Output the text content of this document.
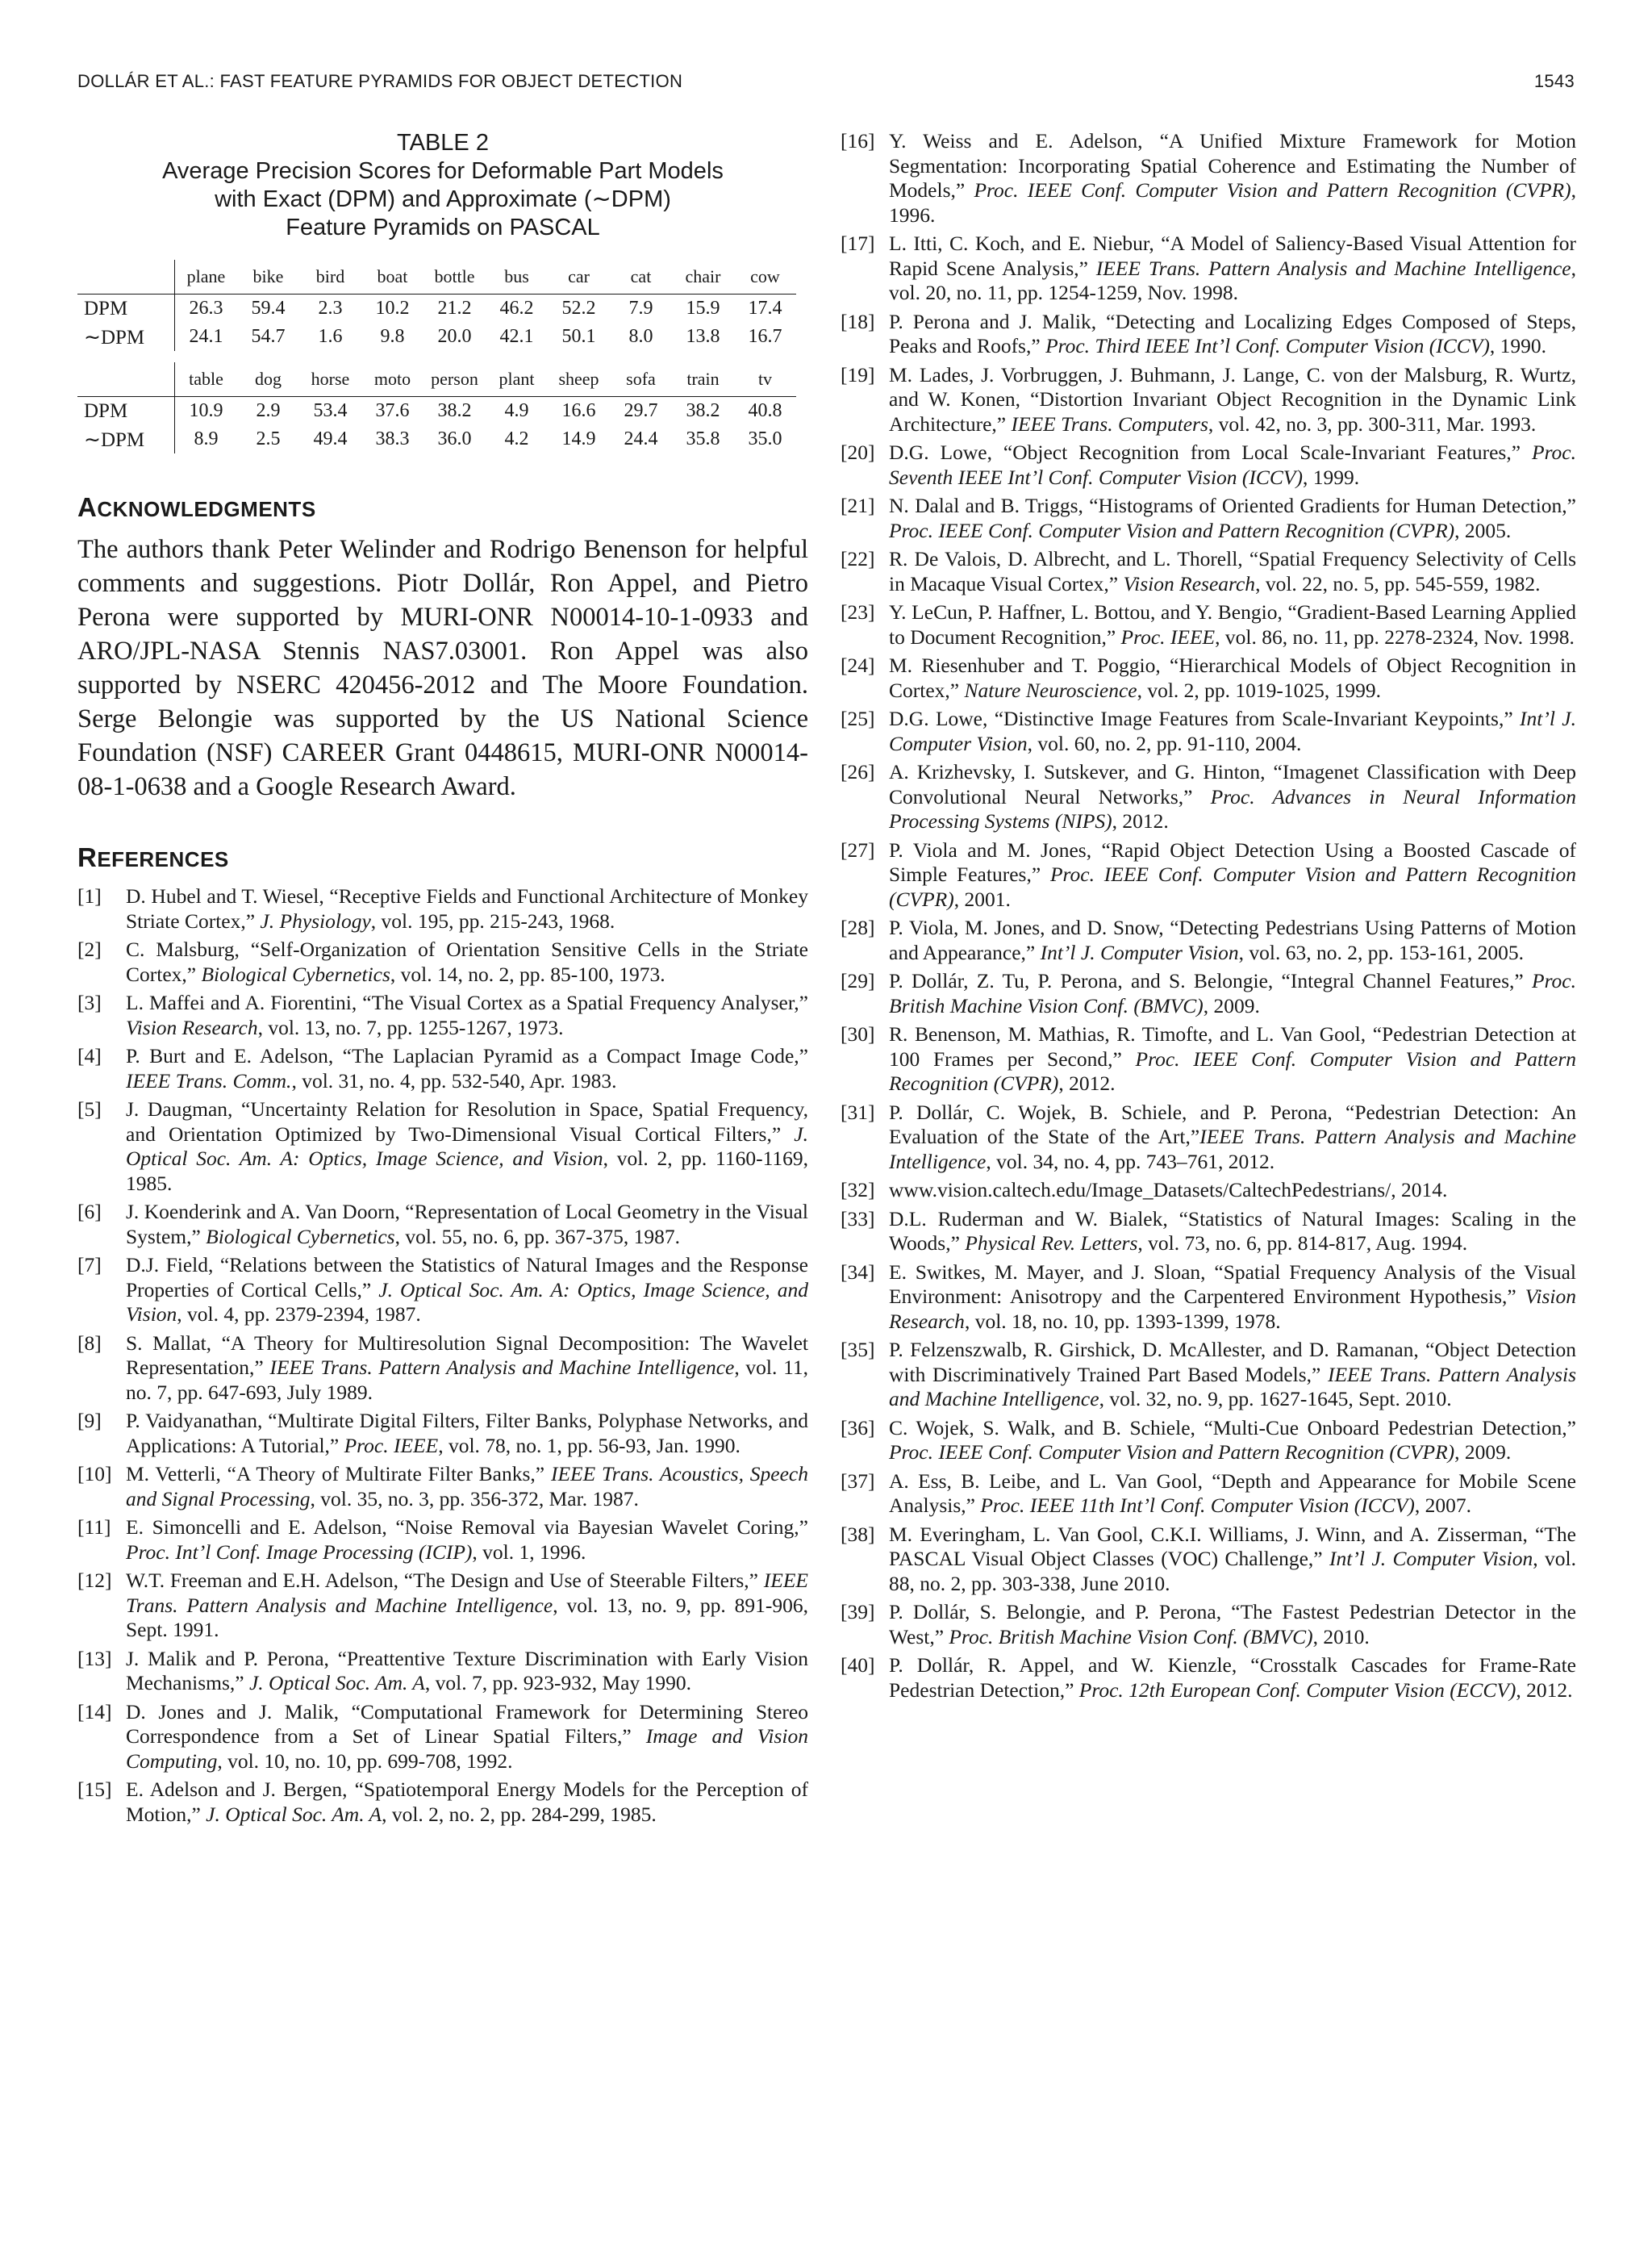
DOLLÁR ET AL.: FAST FEATURE PYRAMIDS FOR OBJECT DETECTION	1543
TABLE 2
Average Precision Scores for Deformable Part Models
with Exact (DPM) and Approximate (∼DPM)
Feature Pyramids on PASCAL
	plane	bike	bird	boat	bottle	bus	car	cat	chair	cow
DPM	26.3	59.4	2.3	10.2	21.2	46.2	52.2	7.9	15.9	17.4
∼DPM	24.1	54.7	1.6	9.8	20.0	42.1	50.1	8.0	13.8	16.7

	table	dog	horse	moto	person	plant	sheep	sofa	train	tv
DPM	10.9	2.9	53.4	37.6	38.2	4.9	16.6	29.7	38.2	40.8
∼DPM	8.9	2.5	49.4	38.3	36.0	4.2	14.9	24.4	35.8	35.0
ACKNOWLEDGMENTS

The authors thank Peter Welinder and Rodrigo Benenson for helpful comments and suggestions. Piotr Dollár, Ron Appel, and Pietro Perona were supported by MURI-ONR N00014-10-1-0933 and ARO/JPL-NASA Stennis NAS7.03001. Ron Appel was also supported by NSERC 420456-2012 and The Moore Foundation. Serge Belongie was supported by the US National Science Foundation (NSF) CAREER Grant 0448615, MURI-ONR N00014-08-1-0638 and a Google Research Award.

REFERENCES
[1]	D. Hubel and T. Wiesel, “Receptive Fields and Functional Architecture of Monkey Striate Cortex,” J. Physiology, vol. 195, pp. 215-243, 1968.
[2]	C. Malsburg, “Self-Organization of Orientation Sensitive Cells in the Striate Cortex,” Biological Cybernetics, vol. 14, no. 2, pp. 85-100, 1973.
[3]	L. Maffei and A. Fiorentini, “The Visual Cortex as a Spatial Frequency Analyser,” Vision Research, vol. 13, no. 7, pp. 1255-1267, 1973.
[4]	P. Burt and E. Adelson, “The Laplacian Pyramid as a Compact Image Code,” IEEE Trans. Comm., vol. 31, no. 4, pp. 532-540, Apr. 1983.
[5]	J. Daugman, “Uncertainty Relation for Resolution in Space, Spatial Frequency, and Orientation Optimized by Two-Dimensional Visual Cortical Filters,” J. Optical Soc. Am. A: Optics, Image Science, and Vision, vol. 2, pp. 1160-1169, 1985.
[6]	J. Koenderink and A. Van Doorn, “Representation of Local Geometry in the Visual System,” Biological Cybernetics, vol. 55, no. 6, pp. 367-375, 1987.
[7]	D.J. Field, “Relations between the Statistics of Natural Images and the Response Properties of Cortical Cells,” J. Optical Soc. Am. A: Optics, Image Science, and Vision, vol. 4, pp. 2379-2394, 1987.
[8]	S. Mallat, “A Theory for Multiresolution Signal Decomposition: The Wavelet Representation,” IEEE Trans. Pattern Analysis and Machine Intelligence, vol. 11, no. 7, pp. 647-693, July 1989.
[9]	P. Vaidyanathan, “Multirate Digital Filters, Filter Banks, Polyphase Networks, and Applications: A Tutorial,” Proc. IEEE, vol. 78, no. 1, pp. 56-93, Jan. 1990.
[10] M. Vetterli, “A Theory of Multirate Filter Banks,” IEEE Trans. Acoustics, Speech and Signal Processing, vol. 35, no. 3, pp. 356-372, Mar. 1987.
[11] E. Simoncelli and E. Adelson, “Noise Removal via Bayesian Wavelet Coring,” Proc. Int’l Conf. Image Processing (ICIP), vol. 1, 1996.
[12] W.T. Freeman and E.H. Adelson, “The Design and Use of Steerable Filters,” IEEE Trans. Pattern Analysis and Machine Intelligence, vol. 13, no. 9, pp. 891-906, Sept. 1991.
[13] J. Malik and P. Perona, “Preattentive Texture Discrimination with Early Vision Mechanisms,” J. Optical Soc. Am. A, vol. 7, pp. 923-932, May 1990.
[14] D. Jones and J. Malik, “Computational Framework for Determining Stereo Correspondence from a Set of Linear Spatial Filters,” Image and Vision Computing, vol. 10, no. 10, pp. 699-708, 1992.
[15] E. Adelson and J. Bergen, “Spatiotemporal Energy Models for the Perception of Motion,” J. Optical Soc. Am. A, vol. 2, no. 2, pp. 284-299, 1985.
[16] Y. Weiss and E. Adelson, “A Unified Mixture Framework for Motion Segmentation: Incorporating Spatial Coherence and Estimating the Number of Models,” Proc. IEEE Conf. Computer Vision and Pattern Recognition (CVPR), 1996.
[17] L. Itti, C. Koch, and E. Niebur, “A Model of Saliency-Based Visual Attention for Rapid Scene Analysis,” IEEE Trans. Pattern Analysis and Machine Intelligence, vol. 20, no. 11, pp. 1254-1259, Nov. 1998.
[18] P. Perona and J. Malik, “Detecting and Localizing Edges Composed of Steps, Peaks and Roofs,” Proc. Third IEEE Int’l Conf. Computer Vision (ICCV), 1990.
[19] M. Lades, J. Vorbruggen, J. Buhmann, J. Lange, C. von der Malsburg, R. Wurtz, and W. Konen, “Distortion Invariant Object Recognition in the Dynamic Link Architecture,” IEEE Trans. Computers, vol. 42, no. 3, pp. 300-311, Mar. 1993.
[20] D.G. Lowe, “Object Recognition from Local Scale-Invariant Features,” Proc. Seventh IEEE Int’l Conf. Computer Vision (ICCV), 1999.
[21] N. Dalal and B. Triggs, “Histograms of Oriented Gradients for Human Detection,” Proc. IEEE Conf. Computer Vision and Pattern Recognition (CVPR), 2005.
[22] R. De Valois, D. Albrecht, and L. Thorell, “Spatial Frequency Selectivity of Cells in Macaque Visual Cortex,” Vision Research, vol. 22, no. 5, pp. 545-559, 1982.
[23] Y. LeCun, P. Haffner, L. Bottou, and Y. Bengio, “Gradient-Based Learning Applied to Document Recognition,” Proc. IEEE, vol. 86, no. 11, pp. 2278-2324, Nov. 1998.
[24] M. Riesenhuber and T. Poggio, “Hierarchical Models of Object Recognition in Cortex,” Nature Neuroscience, vol. 2, pp. 1019-1025, 1999.
[25] D.G. Lowe, “Distinctive Image Features from Scale-Invariant Keypoints,” Int’l J. Computer Vision, vol. 60, no. 2, pp. 91-110, 2004.
[26] A. Krizhevsky, I. Sutskever, and G. Hinton, “Imagenet Classification with Deep Convolutional Neural Networks,” Proc. Advances in Neural Information Processing Systems (NIPS), 2012.
[27] P. Viola and M. Jones, “Rapid Object Detection Using a Boosted Cascade of Simple Features,” Proc. IEEE Conf. Computer Vision and Pattern Recognition (CVPR), 2001.
[28] P. Viola, M. Jones, and D. Snow, “Detecting Pedestrians Using Patterns of Motion and Appearance,” Int’l J. Computer Vision, vol. 63, no. 2, pp. 153-161, 2005.
[29] P. Dollár, Z. Tu, P. Perona, and S. Belongie, “Integral Channel Features,” Proc. British Machine Vision Conf. (BMVC), 2009.
[30] R. Benenson, M. Mathias, R. Timofte, and L. Van Gool, “Pedestrian Detection at 100 Frames per Second,” Proc. IEEE Conf. Computer Vision and Pattern Recognition (CVPR), 2012.
[31] P. Dollár, C. Wojek, B. Schiele, and P. Perona, “Pedestrian Detection: An Evaluation of the State of the Art,”IEEE Trans. Pattern Analysis and Machine Intelligence, vol. 34, no. 4, pp. 743–761, 2012.
[32] www.vision.caltech.edu/Image_Datasets/CaltechPedestrians/, 2014.
[33] D.L. Ruderman and W. Bialek, “Statistics of Natural Images: Scaling in the Woods,” Physical Rev. Letters, vol. 73, no. 6, pp. 814-817, Aug. 1994.
[34] E. Switkes, M. Mayer, and J. Sloan, “Spatial Frequency Analysis of the Visual Environment: Anisotropy and the Carpentered Environment Hypothesis,” Vision Research, vol. 18, no. 10, pp. 1393-1399, 1978.
[35] P. Felzenszwalb, R. Girshick, D. McAllester, and D. Ramanan, “Object Detection with Discriminatively Trained Part Based Models,” IEEE Trans. Pattern Analysis and Machine Intelligence, vol. 32, no. 9, pp. 1627-1645, Sept. 2010.
[36] C. Wojek, S. Walk, and B. Schiele, “Multi-Cue Onboard Pedestrian Detection,” Proc. IEEE Conf. Computer Vision and Pattern Recognition (CVPR), 2009.
[37] A. Ess, B. Leibe, and L. Van Gool, “Depth and Appearance for Mobile Scene Analysis,” Proc. IEEE 11th Int’l Conf. Computer Vision (ICCV), 2007.
[38] M. Everingham, L. Van Gool, C.K.I. Williams, J. Winn, and A. Zisserman, “The PASCAL Visual Object Classes (VOC) Challenge,” Int’l J. Computer Vision, vol. 88, no. 2, pp. 303-338, June 2010.
[39] P. Dollár, S. Belongie, and P. Perona, “The Fastest Pedestrian Detector in the West,” Proc. British Machine Vision Conf. (BMVC), 2010.
[40] P. Dollár, R. Appel, and W. Kienzle, “Crosstalk Cascades for Frame-Rate Pedestrian Detection,” Proc. 12th European Conf. Computer Vision (ECCV), 2012.
